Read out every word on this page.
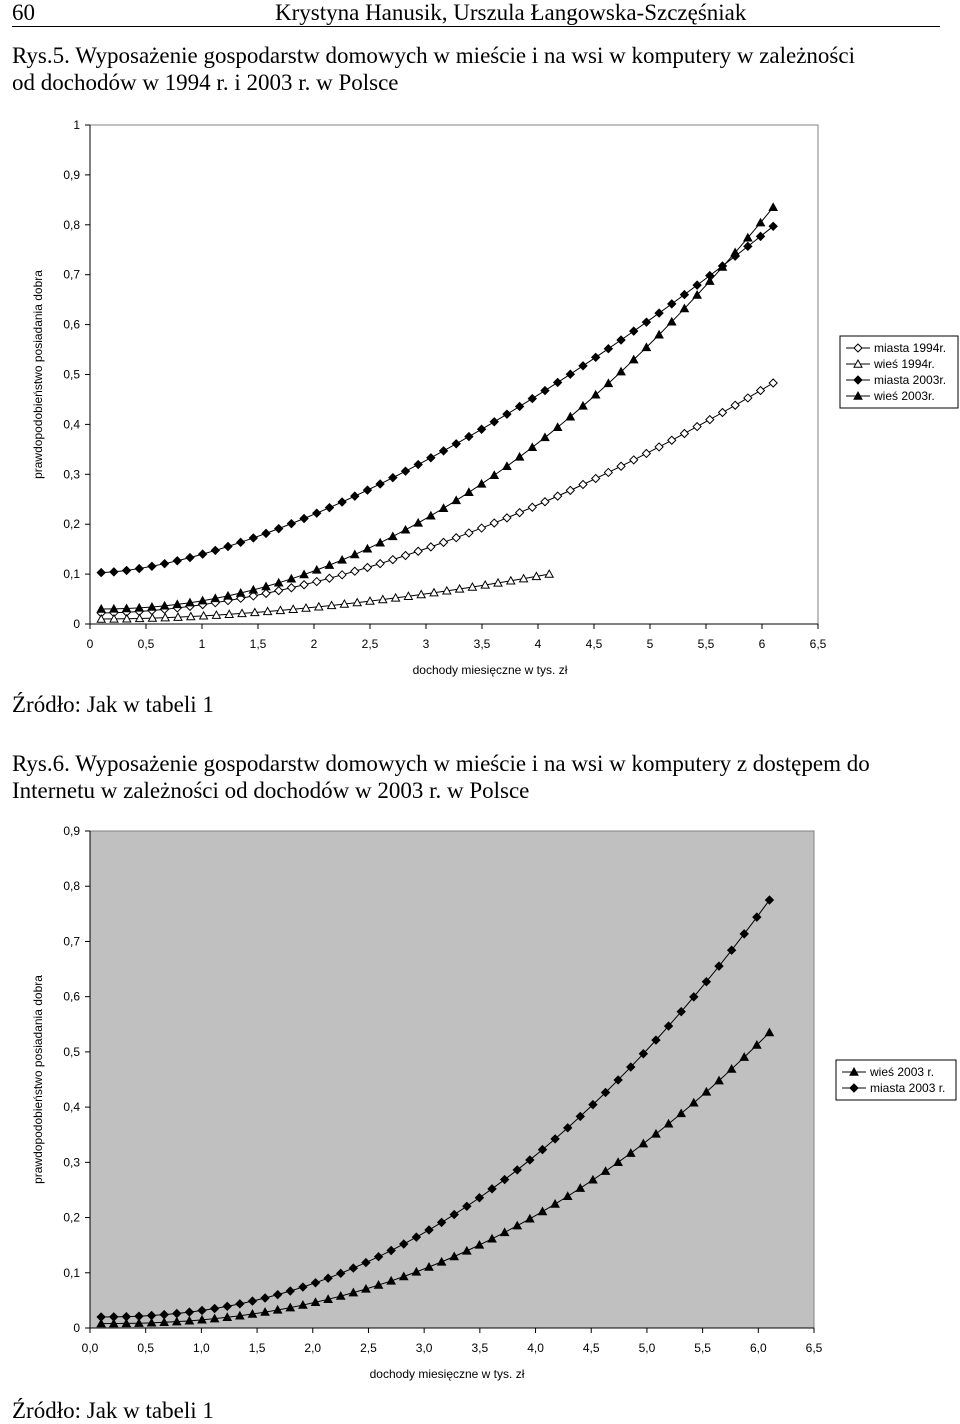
60	Krystyna Hanusik, Urszula Łangowska-Szczęśniak
Rys.5. Wyposażenie gospodarstw domowych w mieście i na wsi w komputery w zależności
od dochodów w 1994 r. i 2003 r. w Polsce
0
0,1
0,2
0,3
0,4
0,5
0,6
0,7
0,8
0,9
1
0	0,5	1	1,5	2	2,5	3	3,5	4	4,5	5	5,5	6	6,5
dochody miesięczne w tys. zł
prawdopodobieństwo posiadania dobra	miasta 1994r.
wieś 1994r.
miasta 2003r.
wieś 2003r.
Źródło: Jak w tabeli 1
Rys.6. Wyposażenie gospodarstw domowych w mieście i na wsi w komputery z dostępem do
Internetu w zależności od dochodów w 2003 r. w Polsce
0
0,1
0,2
0,3
0,4
0,5
0,6
0,7
0,8
0,9
0,0	0,5	1,0	1,5	2,0	2,5	3,0	3,5	4,0	4,5	5,0	5,5	6,0	6,5
dochody miesięczne w tys. zł
prawdopodobieństwo posiadania dobra	wieś 2003 r.
miasta 2003 r.
Źródło: Jak w tabeli 1
